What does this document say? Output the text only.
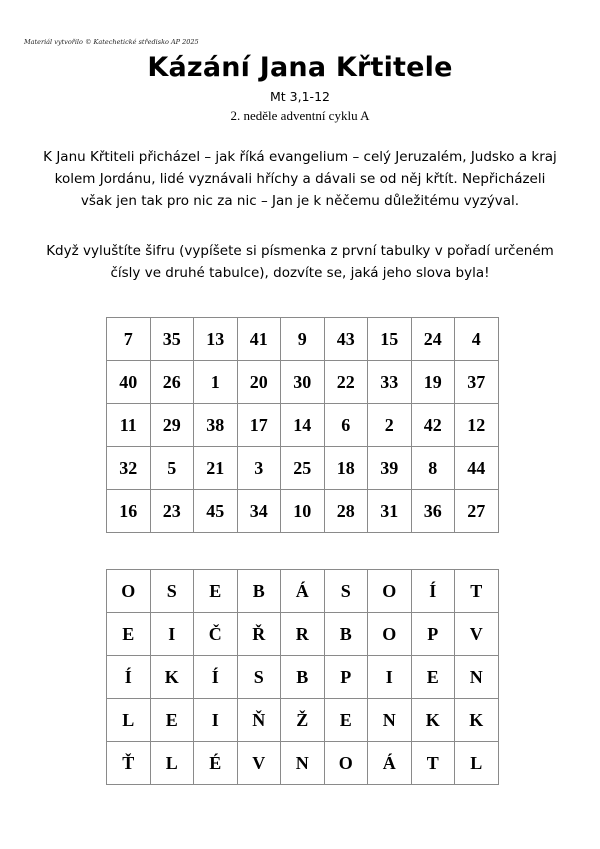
Materiál vytvořilo © Katechetické středisko AP 2025
Kázání Jana Křtitele
Mt 3,1-12
2. neděle adventní cyklu A

K Janu Křtiteli přicházel – jak říká evangelium – celý Jeruzalém, Judsko a kraj kolem Jordánu, lidé vyznávali hříchy a dávali se od něj křtít. Nepřicházeli však jen tak pro nic za nic – Jan je k něčemu důležitému vyzýval.

Když vyluštíte šifru (vypíšete si písmenka z první tabulky v pořadí určeném čísly ve druhé tabulce), dozvíte se, jaká jeho slova byla!

7	35	13	41	9	43	15	24	4
40	26	1	20	30	22	33	19	37
11	29	38	17	14	6	2	42	12
32	5	21	3	25	18	39	8	44
16	23	45	34	10	28	31	36	27
O	S	E	B	Á	S	O	Í	T
E	I	Č	Ř	R	B	O	P	V
Í	K	Í	S	B	P	I	E	N
L	E	I	Ň	Ž	E	N	K	K
Ť	L	É	V	N	O	Á	T	L
